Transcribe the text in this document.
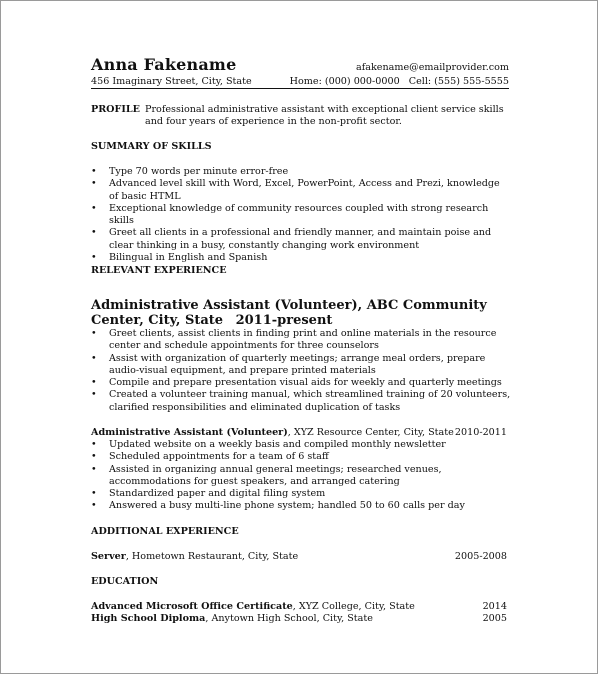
Anna Fakename	afakename@emailprovider.com
456 Imaginary Street, City, State	Home: (000) 000-0000 Cell: (555) 555-5555
PROFILE Professional administrative assistant with exceptional client service skills and four years of experience in the non-profit sector.
SUMMARY OF SKILLS
• Type 70 words per minute error-free
• Advanced level skill with Word, Excel, PowerPoint, Access and Prezi, knowledge of basic HTML
• Exceptional knowledge of community resources coupled with strong research skills
• Greet all clients in a professional and friendly manner, and maintain poise and clear thinking in a busy, constantly changing work environment
• Bilingual in English and Spanish
RELEVANT EXPERIENCE
Administrative Assistant (Volunteer), ABC Community Center, City, State 2011-present
• Greet clients, assist clients in finding print and online materials in the resource center and schedule appointments for three counselors
• Assist with organization of quarterly meetings; arrange meal orders, prepare audio-visual equipment, and prepare printed materials
• Compile and prepare presentation visual aids for weekly and quarterly meetings
• Created a volunteer training manual, which streamlined training of 20 volunteers, clarified responsibilities and eliminated duplication of tasks
Administrative Assistant (Volunteer), XYZ Resource Center, City, State 2010-2011
• Updated website on a weekly basis and compiled monthly newsletter
• Scheduled appointments for a team of 6 staff
• Assisted in organizing annual general meetings; researched venues, accommodations for guest speakers, and arranged catering
• Standardized paper and digital filing system
• Answered a busy multi-line phone system; handled 50 to 60 calls per day
ADDITIONAL EXPERIENCE
Server, Hometown Restaurant, City, State	2005-2008
EDUCATION
Advanced Microsoft Office Certificate, XYZ College, City, State	2014
High School Diploma, Anytown High School, City, State	2005
